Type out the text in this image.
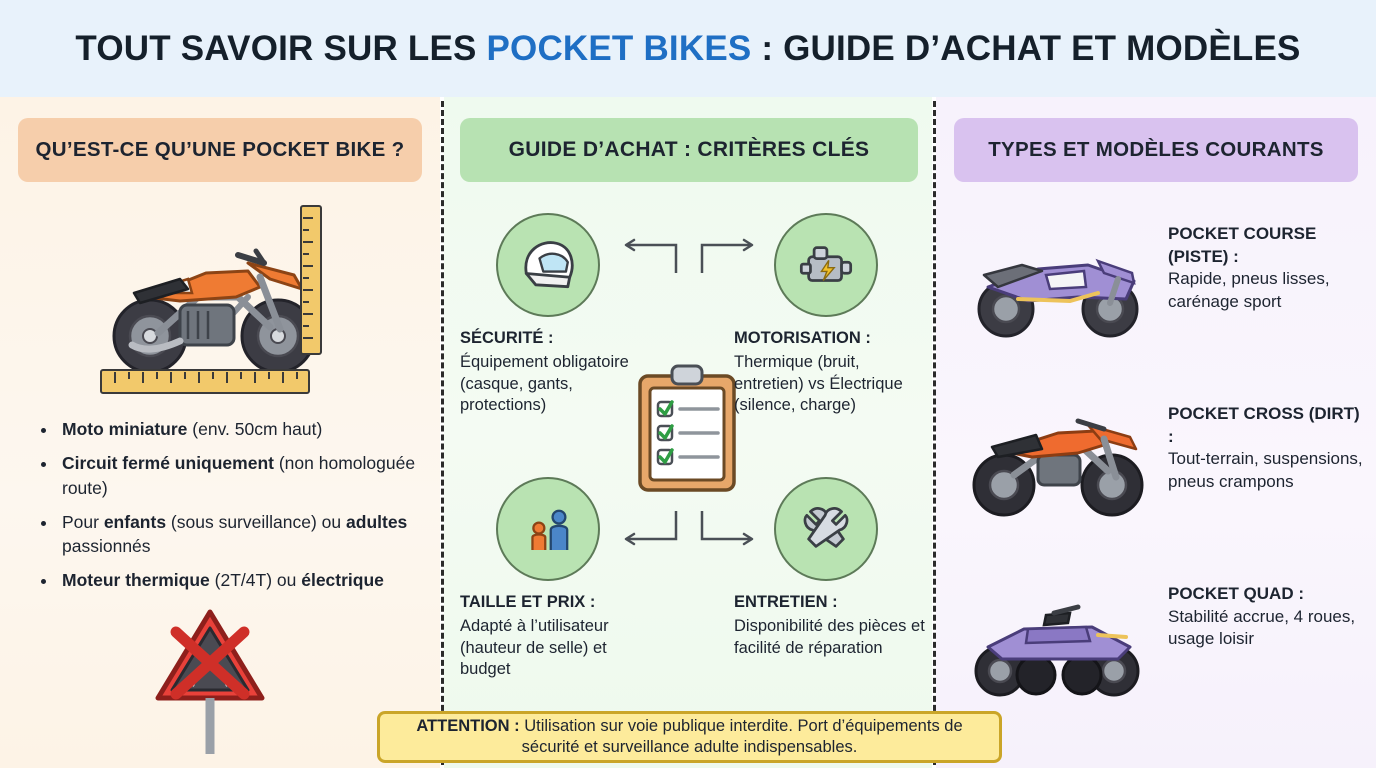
TOUT SAVOIR SUR LES POCKET BIKES : GUIDE D’ACHAT ET MODÈLES
QU’EST-CE QU’UNE POCKET BIKE ?
• Moto miniature (env. 50cm haut)
• Circuit fermé uniquement (non homologuée route)
• Pour enfants (sous surveillance) ou adultes passionnés
• Moteur thermique (2T/4T) ou électrique
GUIDE D’ACHAT : CRITÈRES CLÉS
SÉCURITÉ :
Équipement obligatoire (casque, gants, protections)
MOTORISATION :
Thermique (bruit, entretien) vs Électrique (silence, charge)
TAILLE ET PRIX :
Adapté à l’utilisateur (hauteur de selle) et budget
ENTRETIEN :
Disponibilité des pièces et facilité de réparation
TYPES ET MODÈLES COURANTS
POCKET COURSE (PISTE) :
Rapide, pneus lisses, carénage sport
POCKET CROSS (DIRT) :
Tout-terrain, suspensions, pneus crampons
POCKET QUAD :
Stabilité accrue, 4 roues, usage loisir
ATTENTION : Utilisation sur voie publique interdite. Port d’équipements de sécurité et surveillance adulte indispensables.
